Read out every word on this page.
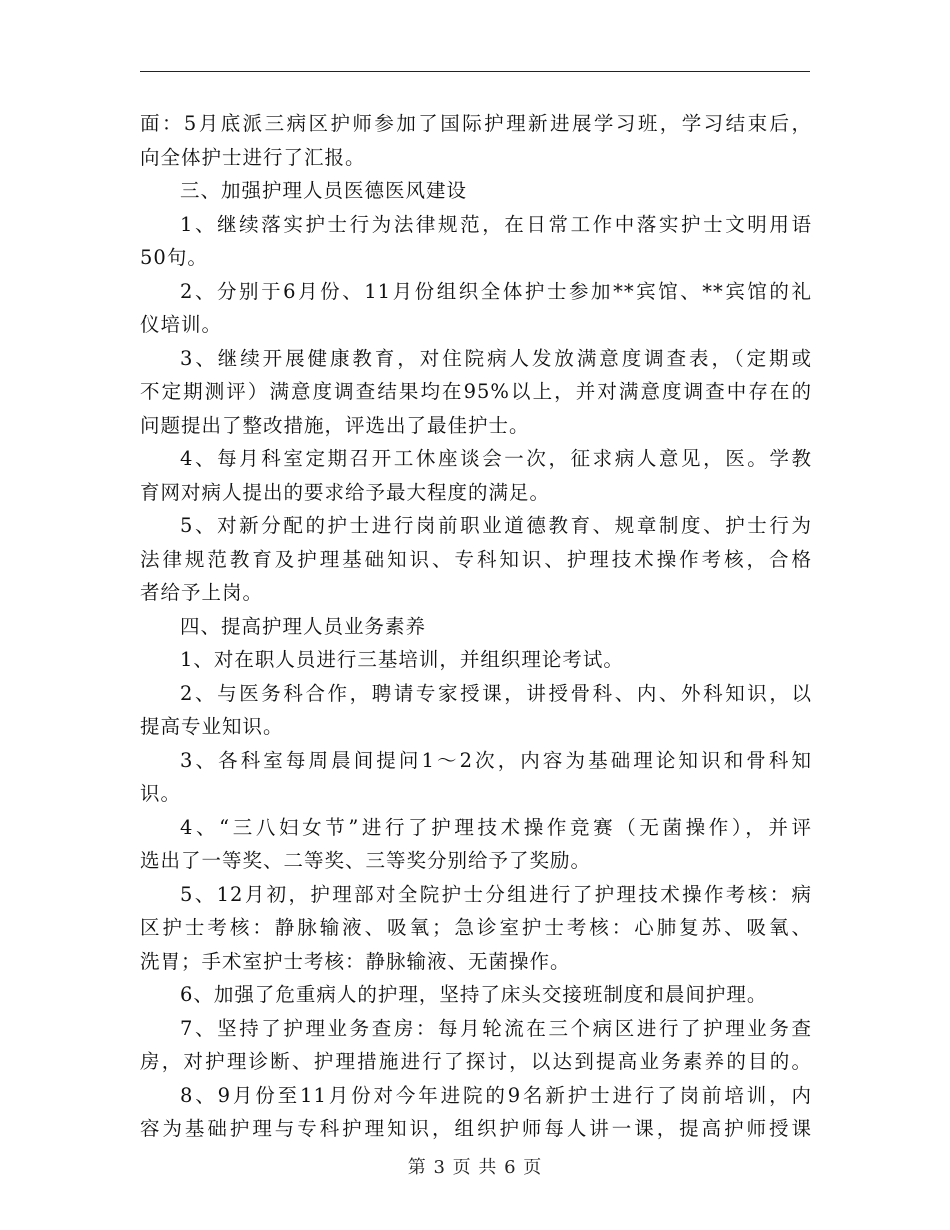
面：5月底派三病区护师参加了国际护理新进展学习班，学习结束后，
向全体护士进行了汇报。
三、加强护理人员医德医风建设
1、继续落实护士行为法律规范，在日常工作中落实护士文明用语
50句。
2、分别于6月份、11月份组织全体护士参加**宾馆、**宾馆的礼
仪培训。
3、继续开展健康教育，对住院病人发放满意度调查表，（定期或
不定期测评）满意度调查结果均在95%以上，并对满意度调查中存在的
问题提出了整改措施，评选出了最佳护士。
4、每月科室定期召开工休座谈会一次，征求病人意见，医。学教
育网对病人提出的要求给予最大程度的满足。
5、对新分配的护士进行岗前职业道德教育、规章制度、护士行为
法律规范教育及护理基础知识、专科知识、护理技术操作考核，合格
者给予上岗。
四、提高护理人员业务素养
1、对在职人员进行三基培训，并组织理论考试。
2、与医务科合作，聘请专家授课，讲授骨科、内、外科知识，以
提高专业知识。
3、各科室每周晨间提问1～2次，内容为基础理论知识和骨科知
识。
4、“三八妇女节”进行了护理技术操作竞赛（无菌操作），并评
选出了一等奖、二等奖、三等奖分别给予了奖励。
5、12月初，护理部对全院护士分组进行了护理技术操作考核：病
区护士考核：静脉输液、吸氧；急诊室护士考核：心肺复苏、吸氧、
洗胃；手术室护士考核：静脉输液、无菌操作。
6、加强了危重病人的护理，坚持了床头交接班制度和晨间护理。
7、坚持了护理业务查房：每月轮流在三个病区进行了护理业务查
房，对护理诊断、护理措施进行了探讨，以达到提高业务素养的目的。
8、9月份至11月份对今年进院的9名新护士进行了岗前培训，内
容为基础护理与专科护理知识，组织护师每人讲一课，提高护师授课
第 3 页 共 6 页
